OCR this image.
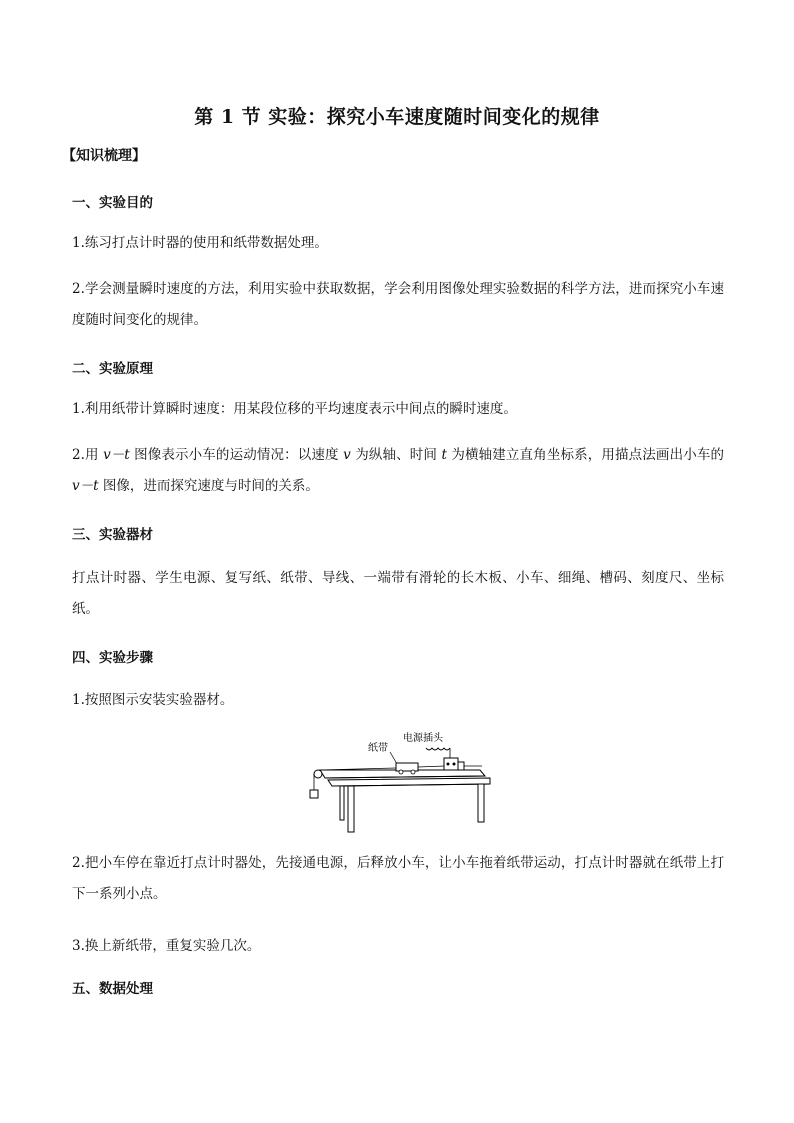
第 1 节 实验：探究小车速度随时间变化的规律
【知识梳理】
一、实验目的
1.练习打点计时器的使用和纸带数据处理。
2.学会测量瞬时速度的方法，利用实验中获取数据，学会利用图像处理实验数据的科学方法，进而探究小车速度随时间变化的规律。
二、实验原理
1.利用纸带计算瞬时速度：用某段位移的平均速度表示中间点的瞬时速度。
2.用 v－t 图像表示小车的运动情况：以速度 v 为纵轴、时间 t 为横轴建立直角坐标系，用描点法画出小车的v－t 图像，进而探究速度与时间的关系。
三、实验器材
打点计时器、学生电源、复写纸、纸带、导线、一端带有滑轮的长木板、小车、细绳、槽码、刻度尺、坐标纸。
四、实验步骤
1.按照图示安装实验器材。
纸带
电源插头
2.把小车停在靠近打点计时器处，先接通电源，后释放小车，让小车拖着纸带运动，打点计时器就在纸带上打下一系列小点。
3.换上新纸带，重复实验几次。
五、数据处理
